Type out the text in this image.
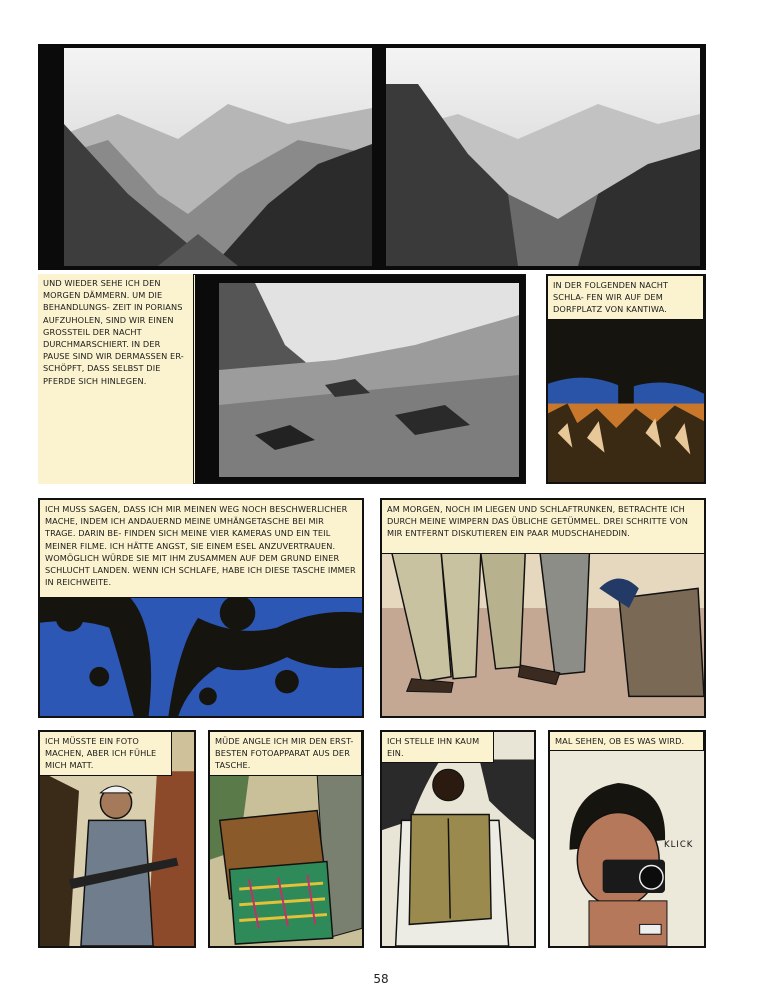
UND WIEDER SEHE ICH DEN MORGEN DÄMMERN. UM DIE BEHANDLUNGS- ZEIT IN PORIANS AUFZUHOLEN, SIND WIR EINEN GROSSTEIL DER NACHT DURCHMARSCHIERT. IN DER PAUSE SIND WIR DERMASSEN ER- SCHÖPFT, DASS SELBST DIE PFERDE SICH HINLEGEN.
IN DER FOLGENDEN NACHT SCHLA- FEN WIR AUF DEM DORFPLATZ VON KANTIWA.
ICH MUSS SAGEN, DASS ICH MIR MEINEN WEG NOCH BESCHWERLICHER MACHE, INDEM ICH ANDAUERND MEINE UMHÄNGETASCHE BEI MIR TRAGE. DARIN BE- FINDEN SICH MEINE VIER KAMERAS UND EIN TEIL MEINER FILME. ICH HÄTTE ANGST, SIE EINEM ESEL ANZUVERTRAUEN. WOMÖGLICH WÜRDE SIE MIT IHM ZUSAMMEN AUF DEM GRUND EINER SCHLUCHT LANDEN. WENN ICH SCHLAFE, HABE ICH DIESE TASCHE IMMER IN REICHWEITE.
AM MORGEN, NOCH IM LIEGEN UND SCHLAFTRUNKEN, BETRACHTE ICH DURCH MEINE WIMPERN DAS ÜBLICHE GETÜMMEL. DREI SCHRITTE VON MIR ENTFERNT DISKUTIEREN EIN PAAR MUDSCHAHEDDIN.
ICH MÜSSTE EIN FOTO MACHEN, ABER ICH FÜHLE MICH MATT.
MÜDE ANGLE ICH MIR DEN ERST- BESTEN FOTOAPPARAT AUS DER TASCHE.
ICH STELLE IHN KAUM EIN.
MAL SEHEN, OB ES WAS WIRD.
KLICK
58
